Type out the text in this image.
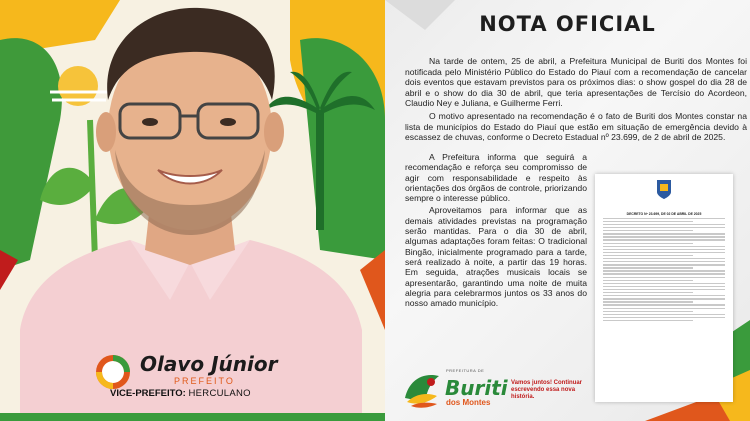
Olavo Júnior
PREFEITO
VICE-PREFEITO: HERCULANO
NOTA OFICIAL

Na tarde de ontem, 25 de abril, a Prefeitura Municipal de Buriti dos Montes foi notificada pelo Ministério Público do Estado do Piauí com a recomendação de cancelar dois eventos que estavam previstos para os próximos dias: o show gospel do dia 28 de abril e o show do dia 30 de abril, que teria apresentações de Tercísio do Acordeon, Claudio Ney e Juliana, e Guilherme Ferri.

O motivo apresentado na recomendação é o fato de Buriti dos Montes constar na lista de municípios do Estado do Piauí que estão em situação de emergência devido à escassez de chuvas, conforme o Decreto Estadual nº 23.699, de 2 de abril de 2025.

A Prefeitura informa que seguirá a recomendação e reforça seu compromisso de agir com responsabilidade e respeito às orientações dos órgãos de controle, priorizando sempre o interesse público.

Aproveitamos para informar que as demais atividades previstas na programação serão mantidas. Para o dia 30 de abril, algumas adaptações foram feitas: O tradicional Bingão, inicialmente programado para a tarde, será realizado à noite, a partir das 19 horas. Em seguida, atrações musicais locais se apresentarão, garantindo uma noite de muita alegria para celebrarmos juntos os 33 anos do nosso amado município.

DECRETO Nº 23.699, DE 02 DE ABRIL DE 2025
PREFEITURA DE
Buriti
dos Montes
Vamos juntos! Continuar escrevendo essa nova história.
